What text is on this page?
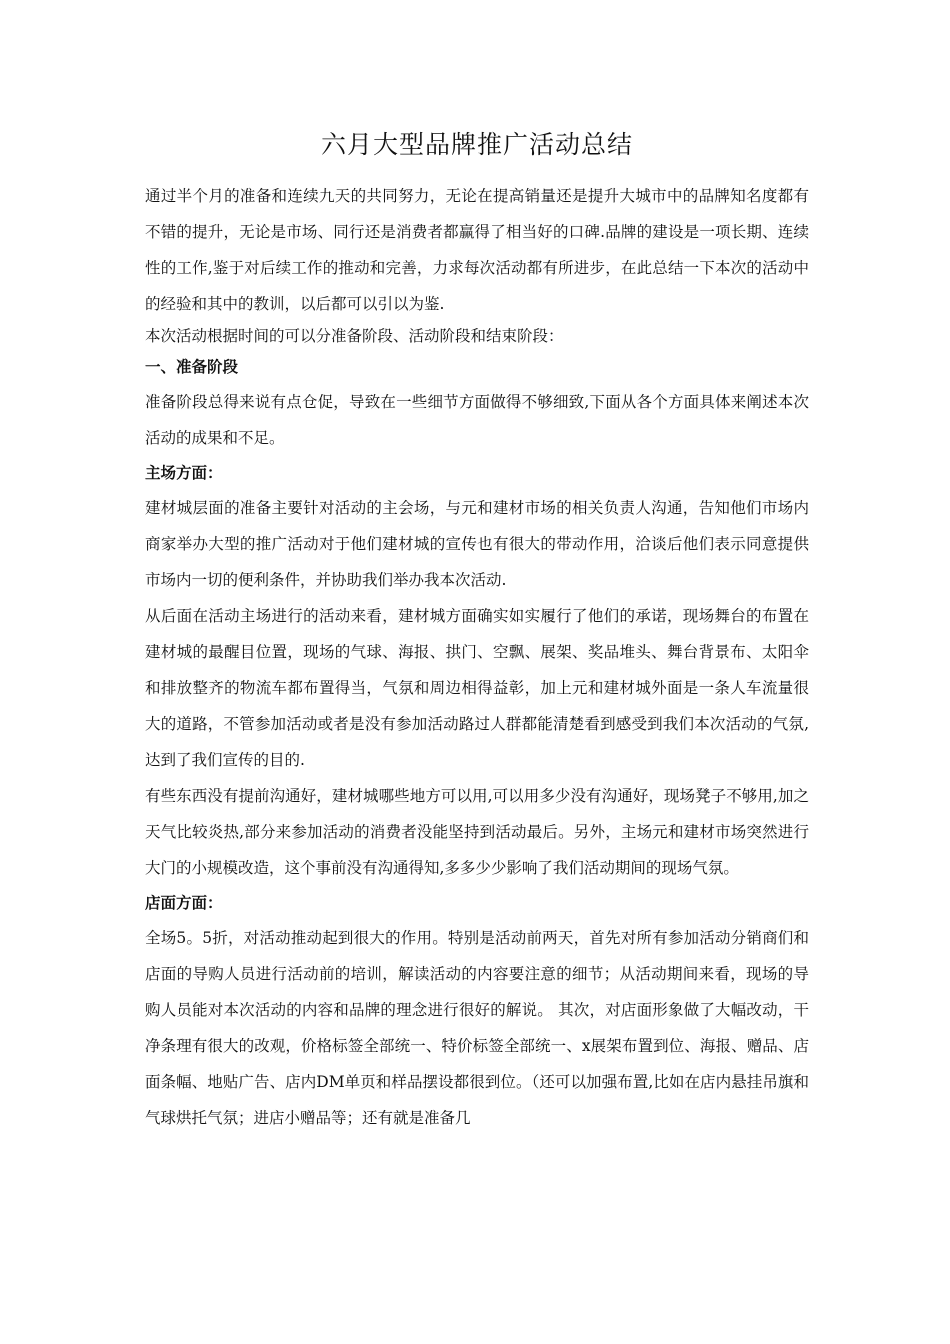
六月大型品牌推广活动总结

通过半个月的准备和连续九天的共同努力，无论在提高销量还是提升大城市中的品牌知名度都有不错的提升，无论是市场、同行还是消费者都赢得了相当好的口碑.品牌的建设是一项长期、连续性的工作,鉴于对后续工作的推动和完善，力求每次活动都有所进步，在此总结一下本次的活动中的经验和其中的教训，以后都可以引以为鉴.

本次活动根据时间的可以分准备阶段、活动阶段和结束阶段：

一、准备阶段

准备阶段总得来说有点仓促，导致在一些细节方面做得不够细致,下面从各个方面具体来阐述本次活动的成果和不足。

主场方面：

建材城层面的准备主要针对活动的主会场，与元和建材市场的相关负责人沟通，告知他们市场内商家举办大型的推广活动对于他们建材城的宣传也有很大的带动作用，洽谈后他们表示同意提供市场内一切的便利条件，并协助我们举办我本次活动.

从后面在活动主场进行的活动来看，建材城方面确实如实履行了他们的承诺，现场舞台的布置在建材城的最醒目位置，现场的气球、海报、拱门、空飘、展架、奖品堆头、舞台背景布、太阳伞和排放整齐的物流车都布置得当，气氛和周边相得益彰，加上元和建材城外面是一条人车流量很大的道路，不管参加活动或者是没有参加活动路过人群都能清楚看到感受到我们本次活动的气氛,达到了我们宣传的目的.

有些东西没有提前沟通好，建材城哪些地方可以用,可以用多少没有沟通好，现场凳子不够用,加之天气比较炎热,部分来参加活动的消费者没能坚持到活动最后。另外，主场元和建材市场突然进行大门的小规模改造，这个事前没有沟通得知,多多少少影响了我们活动期间的现场气氛。

店面方面：

全场5。5折，对活动推动起到很大的作用。特别是活动前两天，首先对所有参加活动分销商们和店面的导购人员进行活动前的培训，解读活动的内容要注意的细节；从活动期间来看，现场的导购人员能对本次活动的内容和品牌的理念进行很好的解说。 其次，对店面形象做了大幅改动，干净条理有很大的改观，价格标签全部统一、特价标签全部统一、x展架布置到位、海报、赠品、店面条幅、地贴广告、店内DM单页和样品摆设都很到位。（还可以加强布置,比如在店内悬挂吊旗和气球烘托气氛；进店小赠品等；还有就是准备几
